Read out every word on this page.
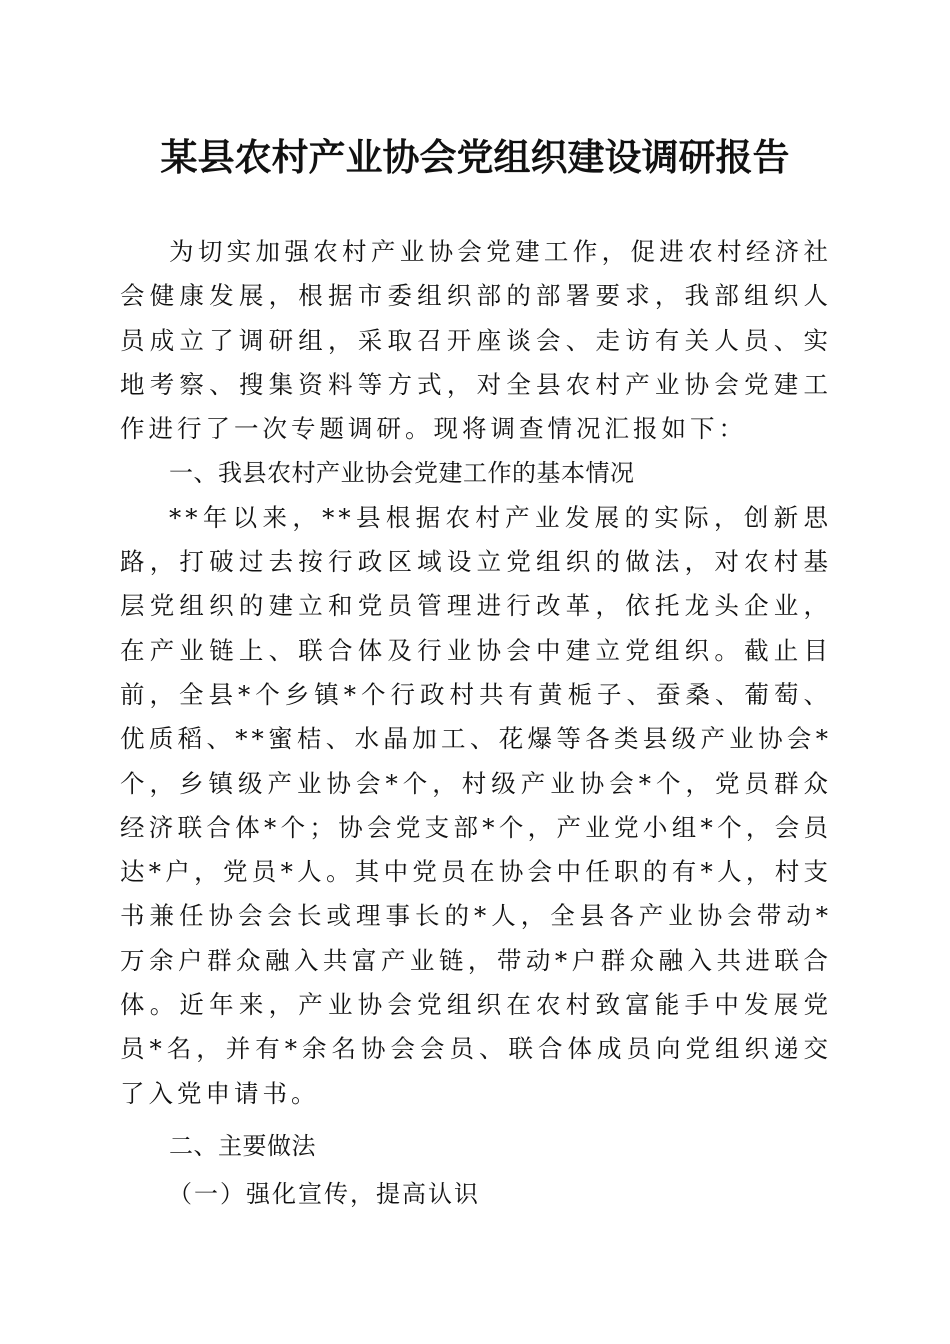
某县农村产业协会党组织建设调研报告

为切实加强农村产业协会党建工作，促进农村经济社会健康发展，根据市委组织部的部署要求，我部组织人员成立了调研组，采取召开座谈会、走访有关人员、实地考察、搜集资料等方式，对全县农村产业协会党建工作进行了一次专题调研。现将调查情况汇报如下：

一、我县农村产业协会党建工作的基本情况

**年以来，**县根据农村产业发展的实际，创新思路，打破过去按行政区域设立党组织的做法，对农村基层党组织的建立和党员管理进行改革，依托龙头企业，在产业链上、联合体及行业协会中建立党组织。截止目前，全县*个乡镇*个行政村共有黄栀子、蚕桑、葡萄、优质稻、**蜜桔、水晶加工、花爆等各类县级产业协会*个，乡镇级产业协会*个，村级产业协会*个，党员群众经济联合体*个；协会党支部*个，产业党小组*个，会员达*户，党员*人。其中党员在协会中任职的有*人，村支书兼任协会会长或理事长的*人，全县各产业协会带动*万余户群众融入共富产业链，带动*户群众融入共进联合体。近年来，产业协会党组织在农村致富能手中发展党员*名，并有*余名协会会员、联合体成员向党组织递交了入党申请书。

二、主要做法

（一）强化宣传，提高认识
